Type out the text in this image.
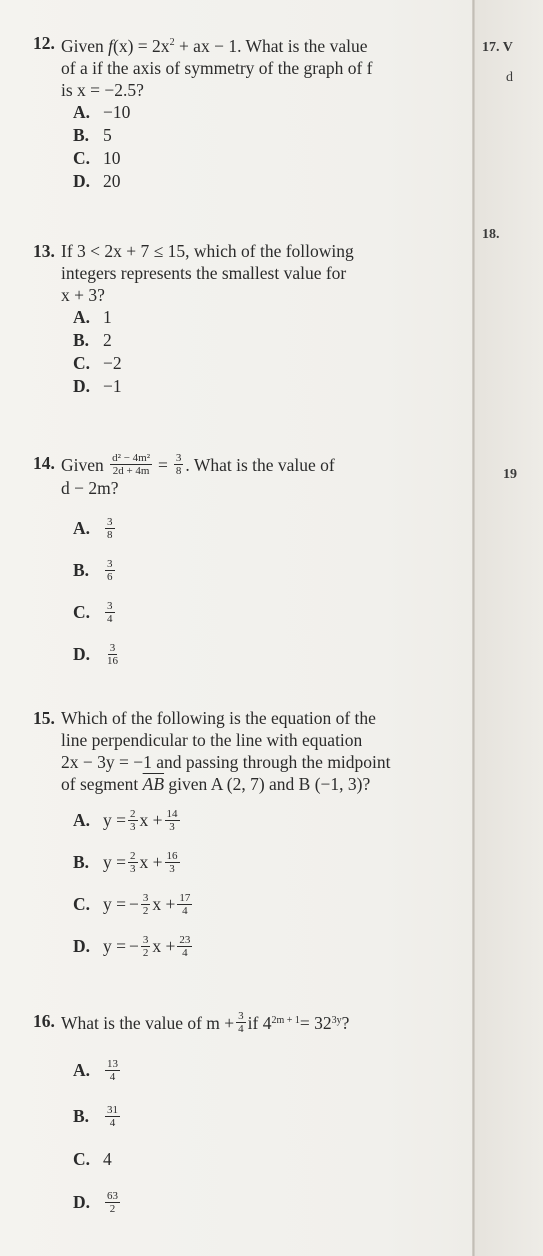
17. V
d
18.
19
12. Given $f(x) = 2x^2$ + ax − 1. What is the value
of a if the axis of symmetry of the graph of f
is x = −2.5?
A. −10
B. 5
C. 10
D. 20
13. If 3 < 2x + 7 ≤ 15, which of the following
integers represents the smallest value for
x + 3?
A. 1
B. 2
C. −2
D. −1
14. Given
$\frac{\text{d² − 4m²}}{2d + 4m} = \frac{3}{8}$ . What is the value of
d − 2m?
A.	$\frac{3}{8}$
B.	$\frac{3}{6}$
C.	$\frac{3}{4}$
D.	$\frac{3}{16}$
15. Which of the following is the equation of the
line perpendicular to the line with equation
2x − 3y = −1 and passing through the midpoint
of segment $\overline{AB}$ given A (2, 7) and B (−1, 3)?
A. $y = \frac{2}{3}$ $x + \frac{14}{3}$
B. $y = \frac{2}{3}$ $x + \frac{16}{3}$
C. y = − $\frac{3}{2}$ $x + \frac{17}{4}$
D. y = − $\frac{3}{2}$ $x + \frac{23}{4}$
16. What is the value of $m + \frac{3}{4}$ if 4 2m + 1 = 32 3y ?
A.	$\frac{13}{4}$
B.	$\frac{31}{4}$
C. 4
D.	$\frac{63}{2}$
